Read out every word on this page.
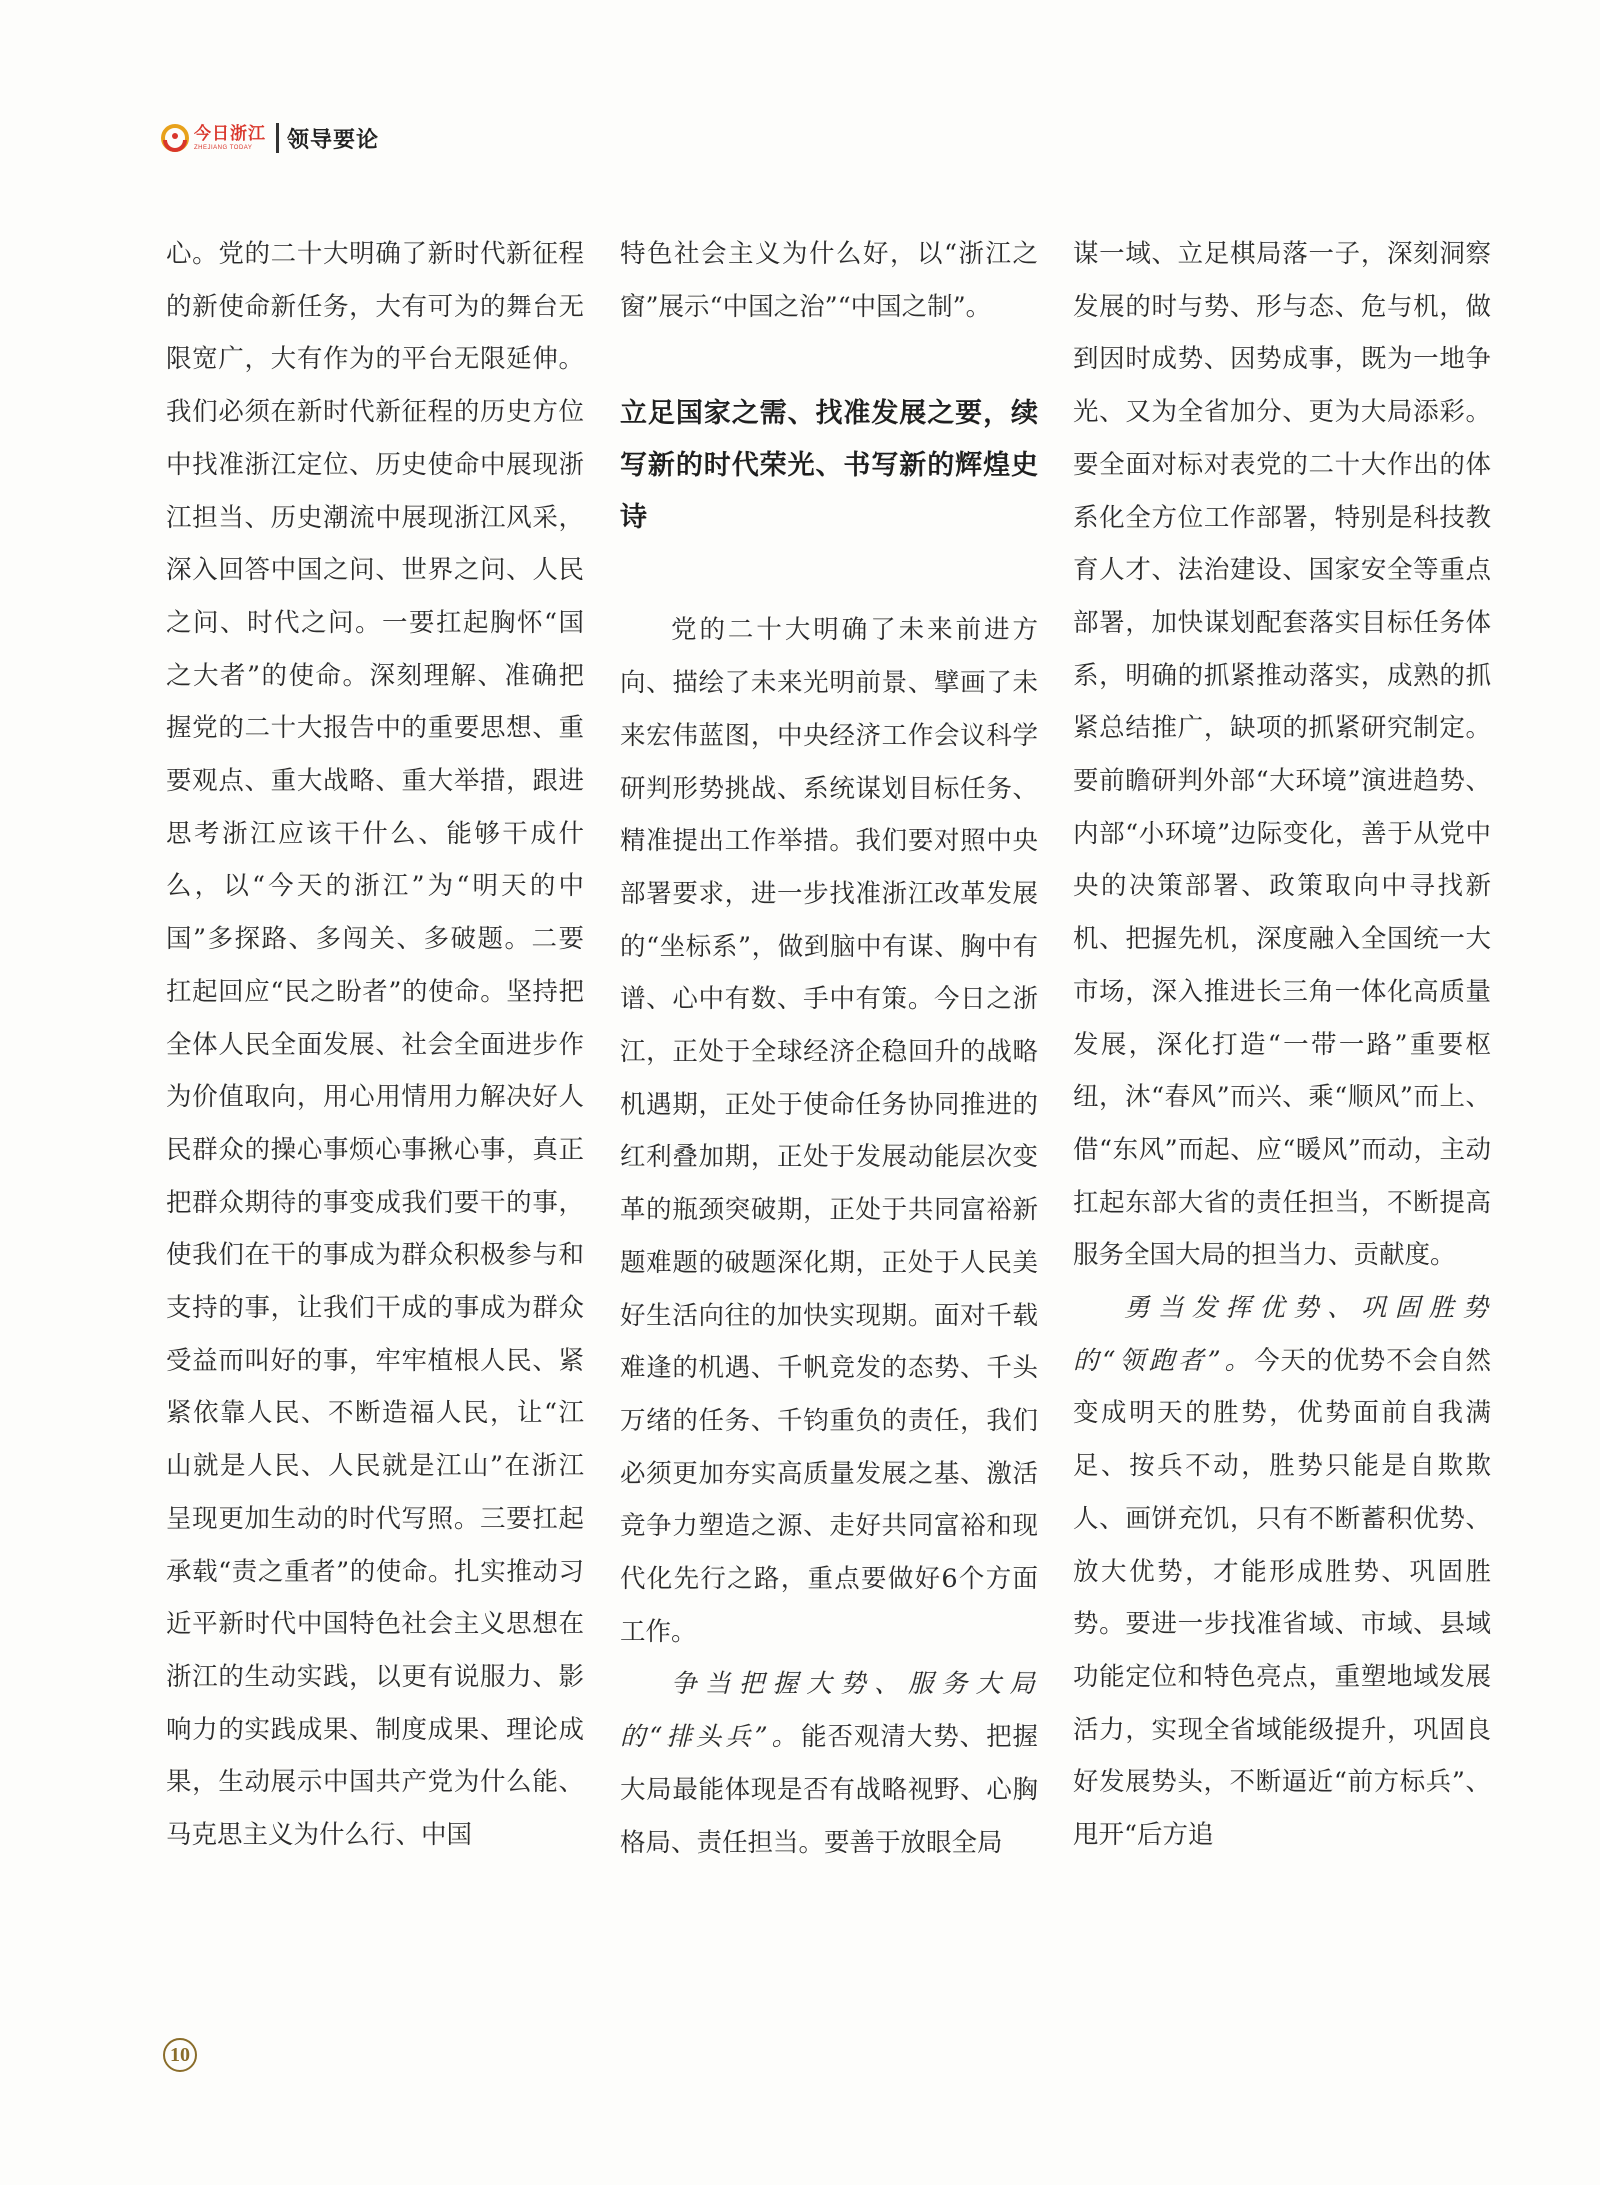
今日浙江
ZHEJIANG TODAY	领导要论

心。党的二十大明确了新时代新征程的新使命新任务，大有可为的舞台无限宽广，大有作为的平台无限延伸。我们必须在新时代新征程的历史方位中找准浙江定位、历史使命中展现浙江担当、历史潮流中展现浙江风采，深入回答中国之问、世界之问、人民之问、时代之问。一要扛起胸怀“国之大者”的使命。深刻理解、准确把握党的二十大报告中的重要思想、重要观点、重大战略、重大举措，跟进思考浙江应该干什么、能够干成什么，以“今天的浙江”为“明天的中国”多探路、多闯关、多破题。二要扛起回应“民之盼者”的使命。坚持把全体人民全面发展、社会全面进步作为价值取向，用心用情用力解决好人民群众的操心事烦心事揪心事，真正把群众期待的事变成我们要干的事，使我们在干的事成为群众积极参与和支持的事，让我们干成的事成为群众受益而叫好的事，牢牢植根人民、紧紧依靠人民、不断造福人民，让“江山就是人民、人民就是江山”在浙江呈现更加生动的时代写照。三要扛起承载“责之重者”的使命。扎实推动习近平新时代中国特色社会主义思想在浙江的生动实践，以更有说服力、影响力的实践成果、制度成果、理论成果，生动展示中国共产党为什么能、马克思主义为什么行、中国

特色社会主义为什么好，以“浙江之窗”展示“中国之治”“中国之制”。

立足国家之需、找准发展之要，续写新的时代荣光、书写新的辉煌史诗

党的二十大明确了未来前进方向、描绘了未来光明前景、擘画了未来宏伟蓝图，中央经济工作会议科学研判形势挑战、系统谋划目标任务、精准提出工作举措。我们要对照中央部署要求，进一步找准浙江改革发展的“坐标系”，做到脑中有谋、胸中有谱、心中有数、手中有策。今日之浙江，正处于全球经济企稳回升的战略机遇期，正处于使命任务协同推进的红利叠加期，正处于发展动能层次变革的瓶颈突破期，正处于共同富裕新题难题的破题深化期，正处于人民美好生活向往的加快实现期。面对千载难逢的机遇、千帆竞发的态势、千头万绪的任务、千钧重负的责任，我们必须更加夯实高质量发展之基、激活竞争力塑造之源、走好共同富裕和现代化先行之路，重点要做好6个方面工作。

争当把握大势、服务大局的“排头兵”。能否观清大势、把握大局最能体现是否有战略视野、心胸格局、责任担当。要善于放眼全局

谋一域、立足棋局落一子，深刻洞察发展的时与势、形与态、危与机，做到因时成势、因势成事，既为一地争光、又为全省加分、更为大局添彩。要全面对标对表党的二十大作出的体系化全方位工作部署，特别是科技教育人才、法治建设、国家安全等重点部署，加快谋划配套落实目标任务体系，明确的抓紧推动落实，成熟的抓紧总结推广，缺项的抓紧研究制定。要前瞻研判外部“大环境”演进趋势、内部“小环境”边际变化，善于从党中央的决策部署、政策取向中寻找新机、把握先机，深度融入全国统一大市场，深入推进长三角一体化高质量发展，深化打造“一带一路”重要枢纽，沐“春风”而兴、乘“顺风”而上、借“东风”而起、应“暖风”而动，主动扛起东部大省的责任担当，不断提高服务全国大局的担当力、贡献度。

勇当发挥优势、巩固胜势的“领跑者”。今天的优势不会自然变成明天的胜势，优势面前自我满足、按兵不动，胜势只能是自欺欺人、画饼充饥，只有不断蓄积优势、放大优势，才能形成胜势、巩固胜势。要进一步找准省域、市域、县域功能定位和特色亮点，重塑地域发展活力，实现全省域能级提升，巩固良好发展势头，不断逼近“前方标兵”、甩开“后方追

10
